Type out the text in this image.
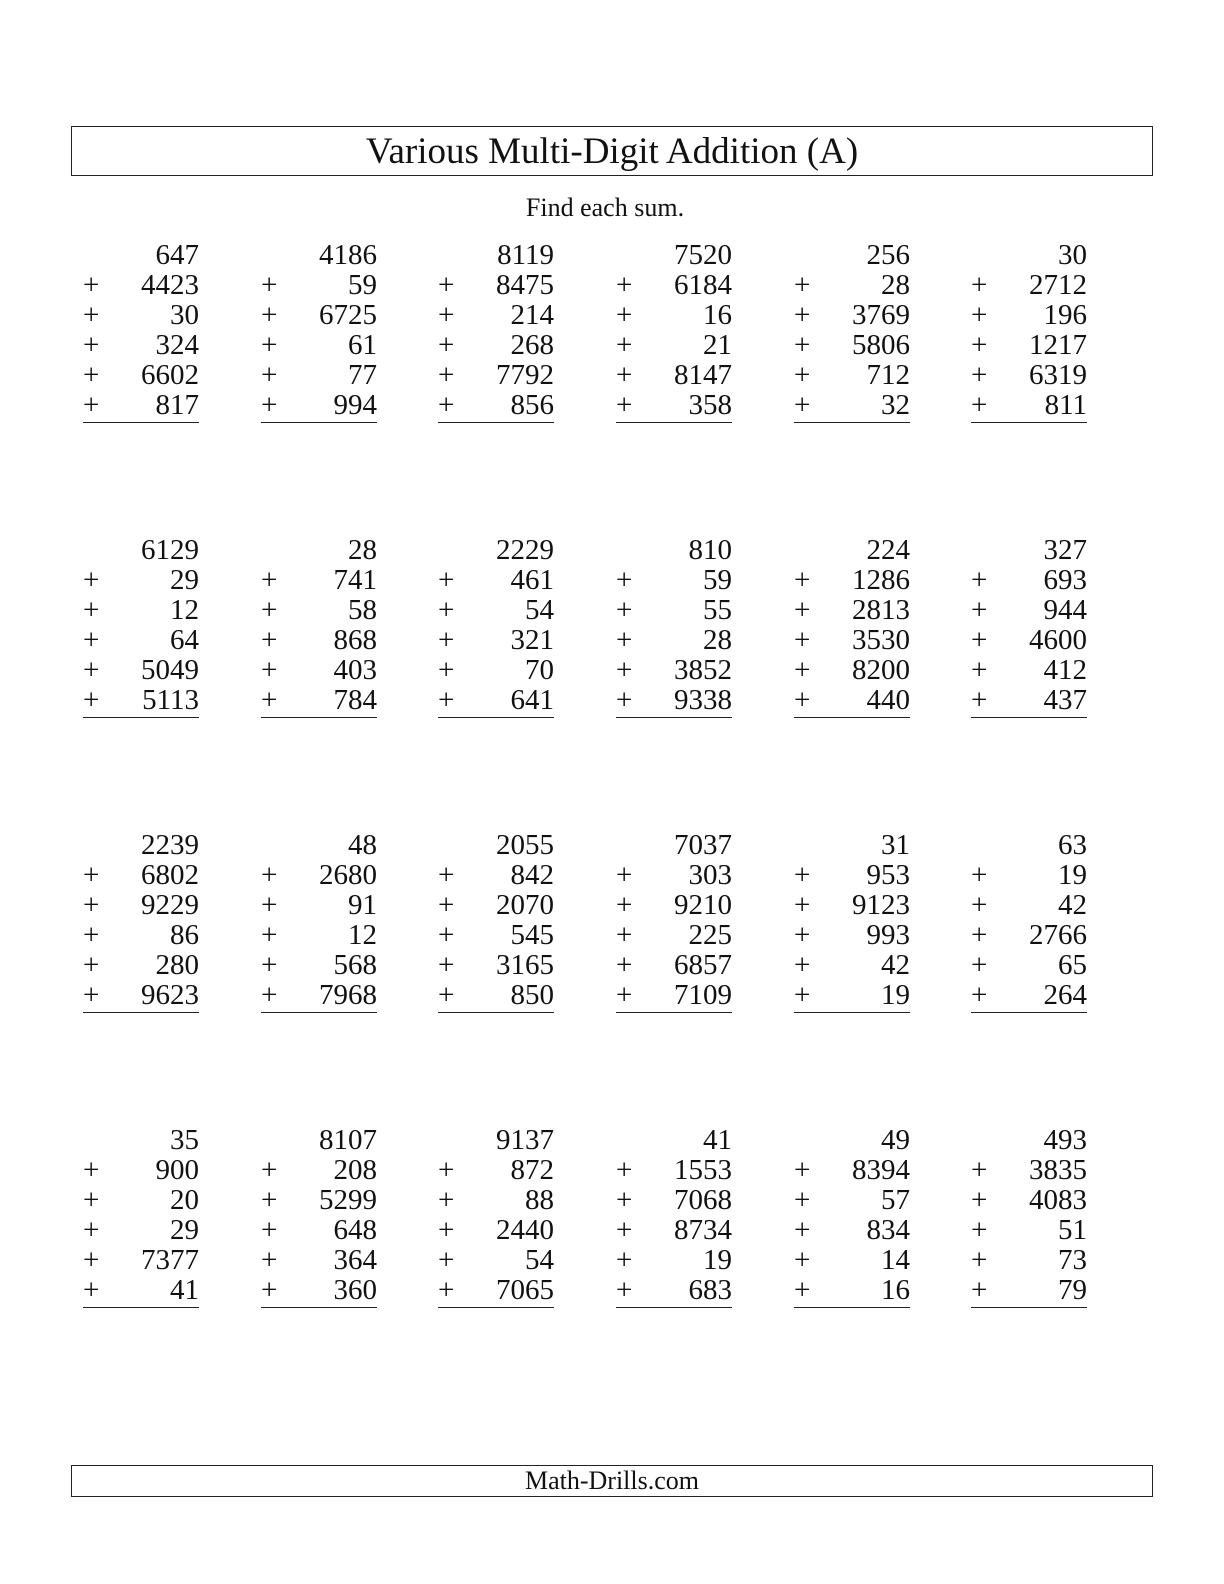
Various Multi-Digit Addition (A)
Find each sum.
647
+ 4423
+ 30
+ 324
+ 6602
+ 817
4186
+ 59
+ 6725
+ 61
+ 77
+ 994
8119
+ 8475
+ 214
+ 268
+ 7792
+ 856
7520
+ 6184
+ 16
+ 21
+ 8147
+ 358
256
+ 28
+ 3769
+ 5806
+ 712
+ 32
30
+ 2712
+ 196
+ 1217
+ 6319
+ 811
6129
+ 29
+ 12
+ 64
+ 5049
+ 5113
28
+ 741
+ 58
+ 868
+ 403
+ 784
2229
+ 461
+ 54
+ 321
+ 70
+ 641
810
+ 59
+ 55
+ 28
+ 3852
+ 9338
224
+ 1286
+ 2813
+ 3530
+ 8200
+ 440
327
+ 693
+ 944
+ 4600
+ 412
+ 437
2239
+ 6802
+ 9229
+ 86
+ 280
+ 9623
48
+ 2680
+ 91
+ 12
+ 568
+ 7968
2055
+ 842
+ 2070
+ 545
+ 3165
+ 850
7037
+ 303
+ 9210
+ 225
+ 6857
+ 7109
31
+ 953
+ 9123
+ 993
+ 42
+ 19
63
+ 19
+ 42
+ 2766
+ 65
+ 264
35
+ 900
+ 20
+ 29
+ 7377
+ 41
8107
+ 208
+ 5299
+ 648
+ 364
+ 360
9137
+ 872
+ 88
+ 2440
+ 54
+ 7065
41
+ 1553
+ 7068
+ 8734
+ 19
+ 683
49
+ 8394
+ 57
+ 834
+ 14
+ 16
493
+ 3835
+ 4083
+ 51
+ 73
+ 79
Math-Drills.com
